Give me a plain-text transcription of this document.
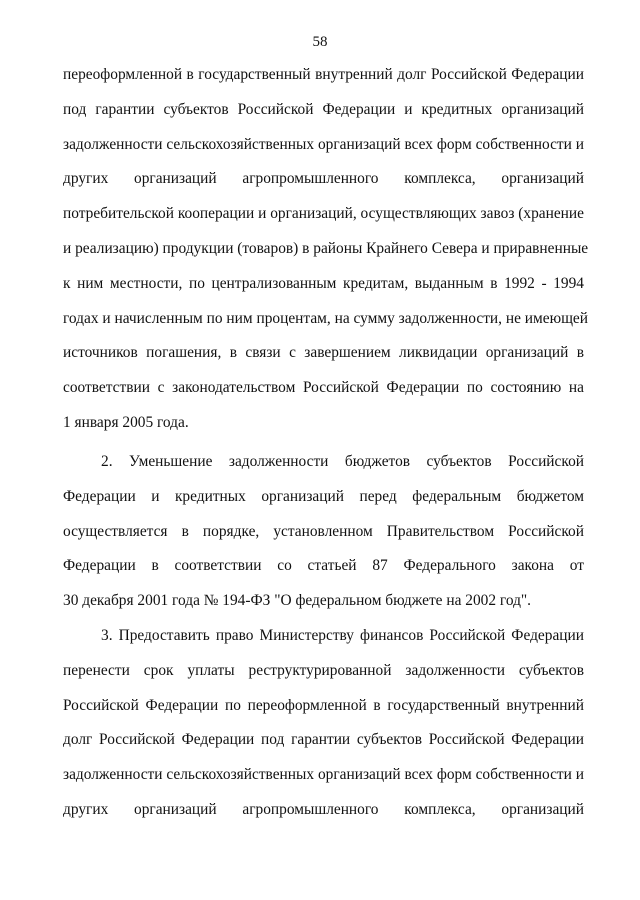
58
переоформленной в государственный внутренний долг Российской Федерации
под гарантии субъектов Российской Федерации и кредитных организаций
задолженности сельскохозяйственных организаций всех форм собственности и
других организаций агропромышленного комплекса, организаций
потребительской кооперации и организаций, осуществляющих завоз (хранение
и реализацию) продукции (товаров) в районы Крайнего Севера и приравненные
к ним местности, по централизованным кредитам, выданным в 1992 - 1994
годах и начисленным по ним процентам, на сумму задолженности, не имеющей
источников погашения, в связи с завершением ликвидации организаций в
соответствии с законодательством Российской Федерации по состоянию на
1 января 2005 года.
2. Уменьшение задолженности бюджетов субъектов Российской
Федерации и кредитных организаций перед федеральным бюджетом
осуществляется в порядке, установленном Правительством Российской
Федерации в соответствии со статьей 87 Федерального закона от
30 декабря 2001 года № 194-ФЗ "О федеральном бюджете на 2002 год".
3. Предоставить право Министерству финансов Российской Федерации
перенести срок уплаты реструктурированной задолженности субъектов
Российской Федерации по переоформленной в государственный внутренний
долг Российской Федерации под гарантии субъектов Российской Федерации
задолженности сельскохозяйственных организаций всех форм собственности и
других организаций агропромышленного комплекса, организаций
